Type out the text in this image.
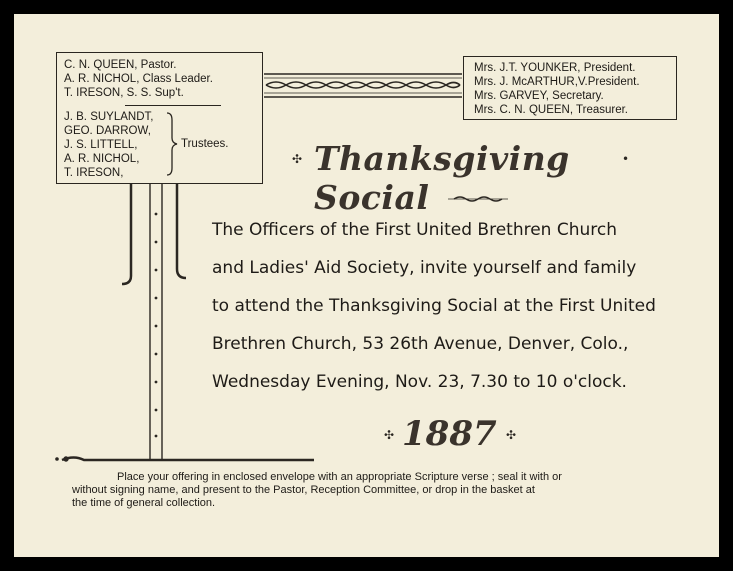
C. N. QUEEN, Pastor.
A. R. NICHOL, Class Leader.
T. IRESON, S. S. Sup't.
J. B. SUYLANDT,
GEO. DARROW,
J. S. LITTELL,
A. R. NICHOL,
T. IRESON,
Trustees.
Mrs. J.T. YOUNKER, President.
Mrs. J. McARTHUR,V.President.
Mrs. GARVEY, Secretary.
Mrs. C. N. QUEEN, Treasurer.
✣ Thanksgiving Social
•
The Officers of the First United Brethren Church
and Ladies' Aid Society, invite yourself and family
to attend the Thanksgiving Social at the First United
Brethren Church, 53 26th Avenue, Denver, Colo.,
Wednesday Evening, Nov. 23, 7.30 to 10 o'clock.
✣ 1887 ✣
Place your offering in enclosed envelope with an appropriate Scripture verse ; seal it with or
without signing name, and present to the Pastor, Reception Committee, or drop in the basket at
the time of general collection.
